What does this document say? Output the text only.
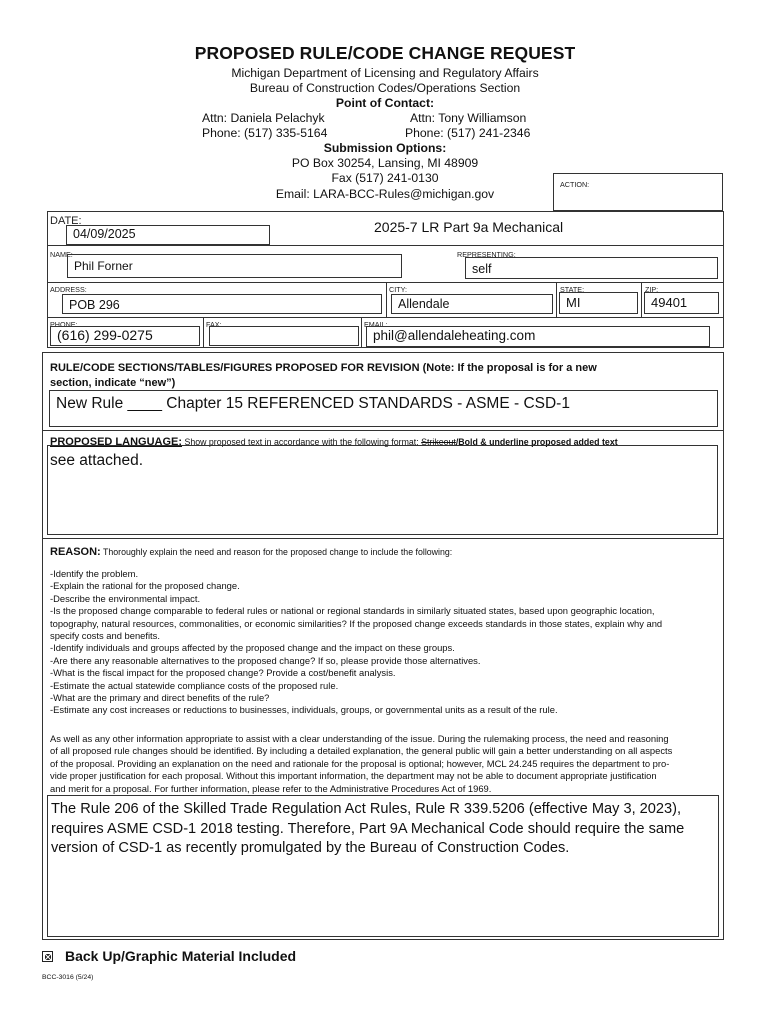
PROPOSED RULE/CODE CHANGE REQUEST
Michigan Department of Licensing and Regulatory Affairs
Bureau of Construction Codes/Operations Section
Point of Contact:
Attn: Daniela Pelachyk
Phone: (517) 335-5164
Attn: Tony Williamson
Phone: (517) 241-2346
Submission Options:
PO Box 30254, Lansing, MI 48909
Fax (517) 241-0130
Email: LARA-BCC-Rules@michigan.gov
ACTION:
DATE:
04/09/2025	2025-7 LR Part 9a Mechanical
NAME:
Phil Forner
REPRESENTING:
self
ADDRESS:
POB 296
CITY:
Allendale
STATE:
MI
ZIP:
49401
PHONE:
(616) 299-0275
FAX:	EMAIL:
phil@allendaleheating.com
RULE/CODE SECTIONS/TABLES/FIGURES PROPOSED FOR REVISION (Note: If the proposal is for a new
section, indicate “new”)
New Rule ____ Chapter 15 REFERENCED STANDARDS - ASME - CSD-1
PROPOSED LANGUAGE: Show proposed text in accordance with the following format: Strikeout/Bold & underline proposed added text
see attached.
REASON: Thoroughly explain the need and reason for the proposed change to include the following:
-Identify the problem.
-Explain the rational for the proposed change.
-Describe the environmental impact.
-Is the proposed change comparable to federal rules or national or regional standards in similarly situated states, based upon geographic location,
topography, natural resources, commonalities, or economic similarities? If the proposed change exceeds standards in those states, explain why and
specify costs and benefits.
-Identify individuals and groups affected by the proposed change and the impact on these groups.
-Are there any reasonable alternatives to the proposed change? If so, please provide those alternatives.
-What is the fiscal impact for the proposed change? Provide a cost/benefit analysis.
-Estimate the actual statewide compliance costs of the proposed rule.
-What are the primary and direct benefits of the rule?
-Estimate any cost increases or reductions to businesses, individuals, groups, or governmental units as a result of the rule.
As well as any other information appropriate to assist with a clear understanding of the issue. During the rulemaking process, the need and reasoning
of all proposed rule changes should be identified. By including a detailed explanation, the general public will gain a better understanding on all aspects
of the proposal. Providing an explanation on the need and rationale for the proposal is optional; however, MCL 24.245 requires the department to pro-
vide proper justification for each proposal. Without this important information, the department may not be able to document appropriate justification
and merit for a proposal. For further information, please refer to the Administrative Procedures Act of 1969.
The Rule 206 of the Skilled Trade Regulation Act Rules, Rule R 339.5206 (effective May 3, 2023),
requires ASME CSD-1 2018 testing. Therefore, Part 9A Mechanical Code should require the same
version of CSD-1 as recently promulgated by the Bureau of Construction Codes.
Back Up/Graphic Material Included
BCC-3016 (5/24)
